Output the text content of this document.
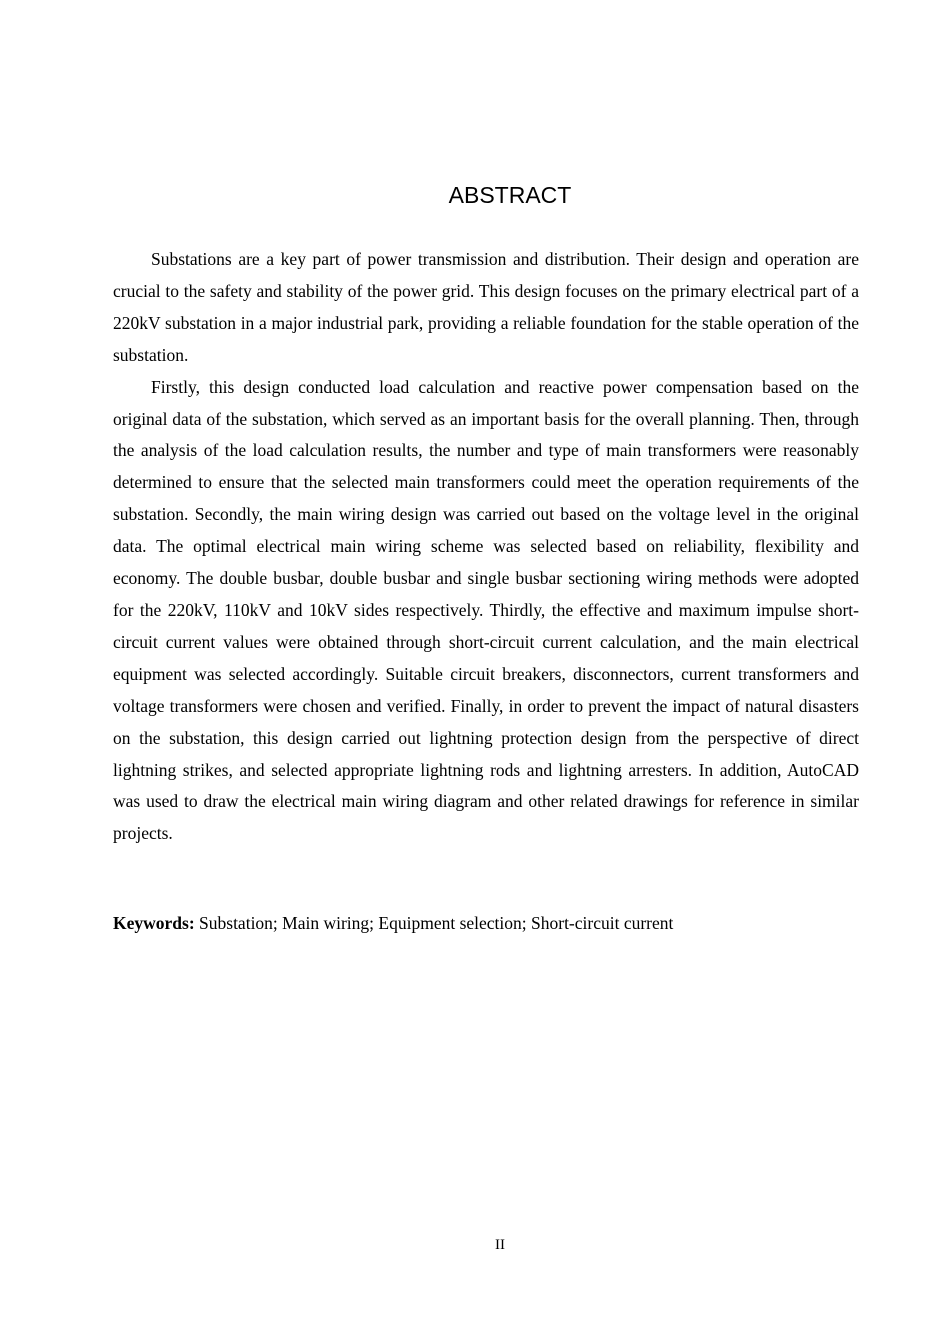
ABSTRACT

Substations are a key part of power transmission and distribution. Their design and operation are crucial to the safety and stability of the power grid. This design focuses on the primary electrical part of a 220kV substation in a major industrial park, providing a reliable foundation for the stable operation of the substation.

Firstly, this design conducted load calculation and reactive power compensation based on the original data of the substation, which served as an important basis for the overall planning. Then, through the analysis of the load calculation results, the number and type of main transformers were reasonably determined to ensure that the selected main transformers could meet the operation requirements of the substation. Secondly, the main wiring design was carried out based on the voltage level in the original data. The optimal electrical main wiring scheme was selected based on reliability, flexibility and economy. The double busbar, double busbar and single busbar sectioning wiring methods were adopted for the 220kV, 110kV and 10kV sides respectively. Thirdly, the effective and maximum impulse short-circuit current values were obtained through short-circuit current calculation, and the main electrical equipment was selected accordingly. Suitable circuit breakers, disconnectors, current transformers and voltage transformers were chosen and verified. Finally, in order to prevent the impact of natural disasters on the substation, this design carried out lightning protection design from the perspective of direct lightning strikes, and selected appropriate lightning rods and lightning arresters. In addition, AutoCAD was used to draw the electrical main wiring diagram and other related drawings for reference in similar projects.

Keywords: Substation; Main wiring; Equipment selection; Short-circuit current
II
